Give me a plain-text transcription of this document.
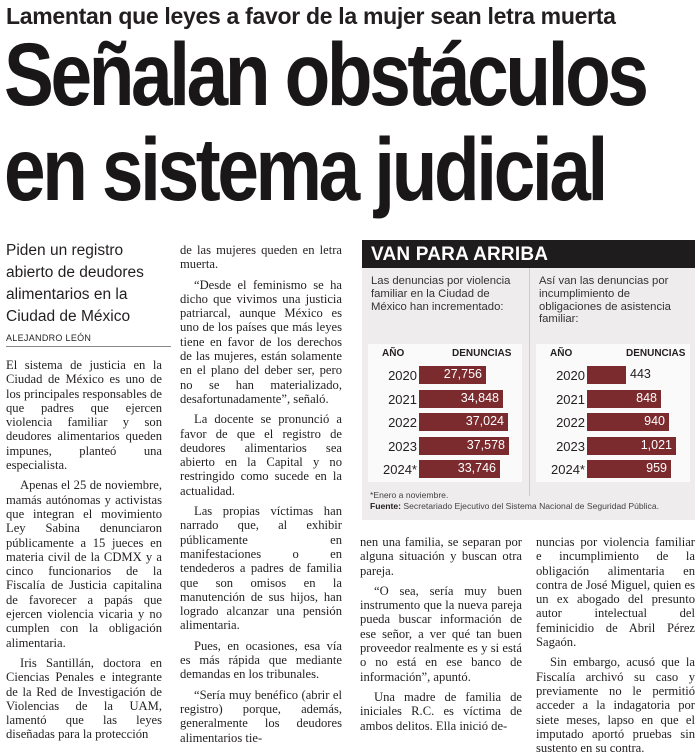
Lamentan que leyes a favor de la mujer sean letra muerta
Señalan obstáculos
en sistema judicial
Piden un registro abierto de deudores alimentarios en la Ciudad de México
ALEJANDRO LEÓN

El sistema de justicia en la Ciudad de México es uno de los principales responsables de que padres que ejercen violencia familiar y son deudores alimentarios queden impunes, planteó una especialista.

Apenas el 25 de noviembre, mamás autónomas y activistas que integran el movimiento Ley Sabina denunciaron públicamente a 15 jueces en materia civil de la CDMX y a cinco funcionarios de la Fiscalía de Justicia capitalina de favorecer a papás que ejercen violencia vicaria y no cumplen con la obligación alimentaria.

Iris Santillán, doctora en Ciencias Penales e integrante de la Red de Investigación de Violencias de la UAM, lamentó que las leyes diseñadas para la protección

de las mujeres queden en letra muerta.

“Desde el feminismo se ha dicho que vivimos una justicia patriarcal, aunque México es uno de los países que más leyes tiene en favor de los derechos de las mujeres, están solamente en el plano del deber ser, pero no se han materializado, desafortunadamente”, señaló.

La docente se pronunció a favor de que el registro de deudores alimentarios sea abierto en la Capital y no restringido como sucede en la actualidad.

Las propias víctimas han narrado que, al exhibir públicamente en manifestaciones o en tendederos a padres de familia que son omisos en la manutención de sus hijos, han logrado alcanzar una pensión alimentaria.

Pues, en ocasiones, esa vía es más rápida que mediante demandas en los tribunales.

“Sería muy benéfico (abrir el registro) porque, además, generalmente los deudores alimentarios tie-

VAN PARA ARRIBA
Las denuncias por violencia familiar en la Ciudad de México han incrementado:
AÑO	DENUNCIAS
2020 27,756
2021	34,848
2022	37,024
2023	37,578
2024*	33,746
Así van las denuncias por incumplimiento de obligaciones de asistencia familiar:
AÑO	DENUNCIAS
2020	443
2021	848
2022	940
2023	1,021
2024*	959
*Enero a noviembre.
Fuente: Secretariado Ejecutivo del Sistema Nacional de Seguridad Pública.

nen una familia, se separan por alguna situación y buscan otra pareja.

“O sea, sería muy buen instrumento que la nueva pareja pueda buscar información de ese señor, a ver qué tan buen proveedor realmente es y si está o no está en ese banco de información”, apuntó.

Una madre de familia de iniciales R.C. es víctima de ambos delitos. Ella inició de-

nuncias por violencia familiar e incumplimiento de la obligación alimentaria en contra de José Miguel, quien es un ex abogado del presunto autor intelectual del feminicidio de Abril Pérez Sagaón.

Sin embargo, acusó que la Fiscalía archivó su caso y previamente no le permitió acceder a la indagatoria por siete meses, lapso en que el imputado aportó pruebas sin sustento en su contra.
